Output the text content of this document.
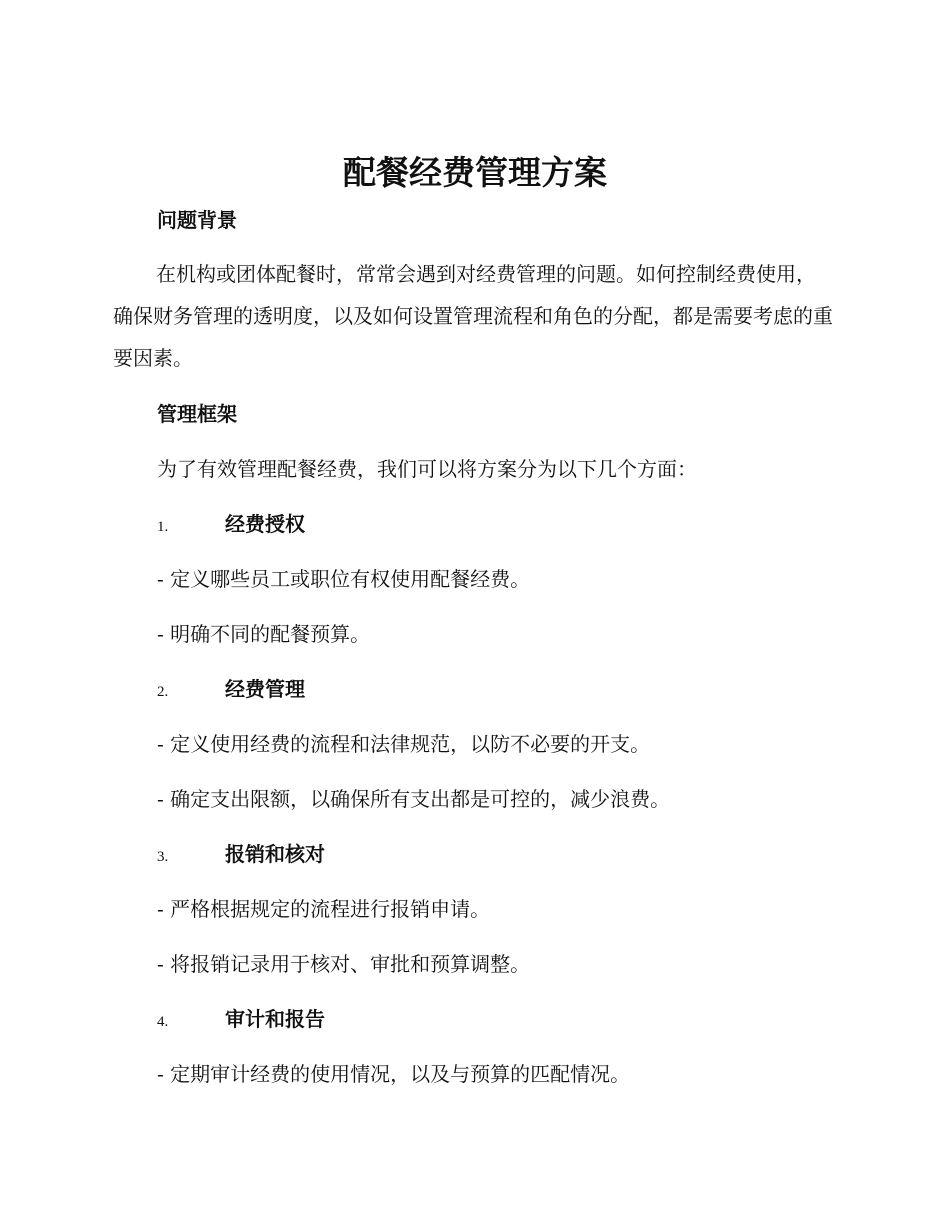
配餐经费管理方案
问题背景
在机构或团体配餐时，常常会遇到对经费管理的问题。如何控制经费使用，确保财务管理的透明度，以及如何设置管理流程和角色的分配，都是需要考虑的重要因素。
管理框架
为了有效管理配餐经费，我们可以将方案分为以下几个方面：
1.	经费授权
- 定义哪些员工或职位有权使用配餐经费。
- 明确不同的配餐预算。
2.	经费管理
- 定义使用经费的流程和法律规范，以防不必要的开支。
- 确定支出限额，以确保所有支出都是可控的，减少浪费。
3.	报销和核对
- 严格根据规定的流程进行报销申请。
- 将报销记录用于核对、审批和预算调整。
4.	审计和报告
- 定期审计经费的使用情况，以及与预算的匹配情况。
